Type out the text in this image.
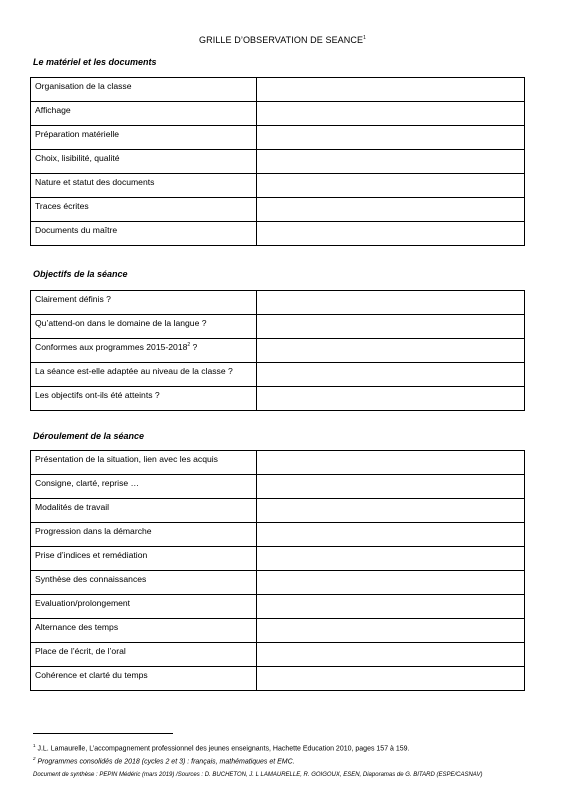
GRILLE D’OBSERVATION DE SEANCE$^1$
Le matériel et les documents
Organisation de la classe	
Affichage	
Préparation matérielle	
Choix, lisibilité, qualité	
Nature et statut des documents	
Traces écrites	
Documents du maître	
Objectifs de la séance
Clairement définis ?	
Qu’attend-on dans le domaine de la langue ?	
Conformes aux programmes 2015-2018$^2$ ?	
La séance est-elle adaptée au niveau de la classe ?	
Les objectifs ont-ils été atteints ?	
Déroulement de la séance
Présentation de la situation, lien avec les acquis	
Consigne, clarté, reprise …	
Modalités de travail	
Progression dans la démarche	
Prise d’indices et remédiation	
Synthèse des connaissances	
Evaluation/prolongement	
Alternance des temps	
Place de l’écrit, de l’oral	
Cohérence et clarté du temps	
$^1$ J.L. Lamaurelle, L’accompagnement professionnel des jeunes enseignants, Hachette Education 2010, pages 157 à 159.
$^2$ Programmes consolidés de 2018 (cycles 2 et 3) : français, mathématiques et EMC.
Document de synthèse : PEPIN Médéric (mars 2019) /Sources : D. BUCHETON, J. L LAMAURELLE, R. GOIGOUX, ESEN, Diaporamas de G. BITARD (ESPE/CASNAV)
